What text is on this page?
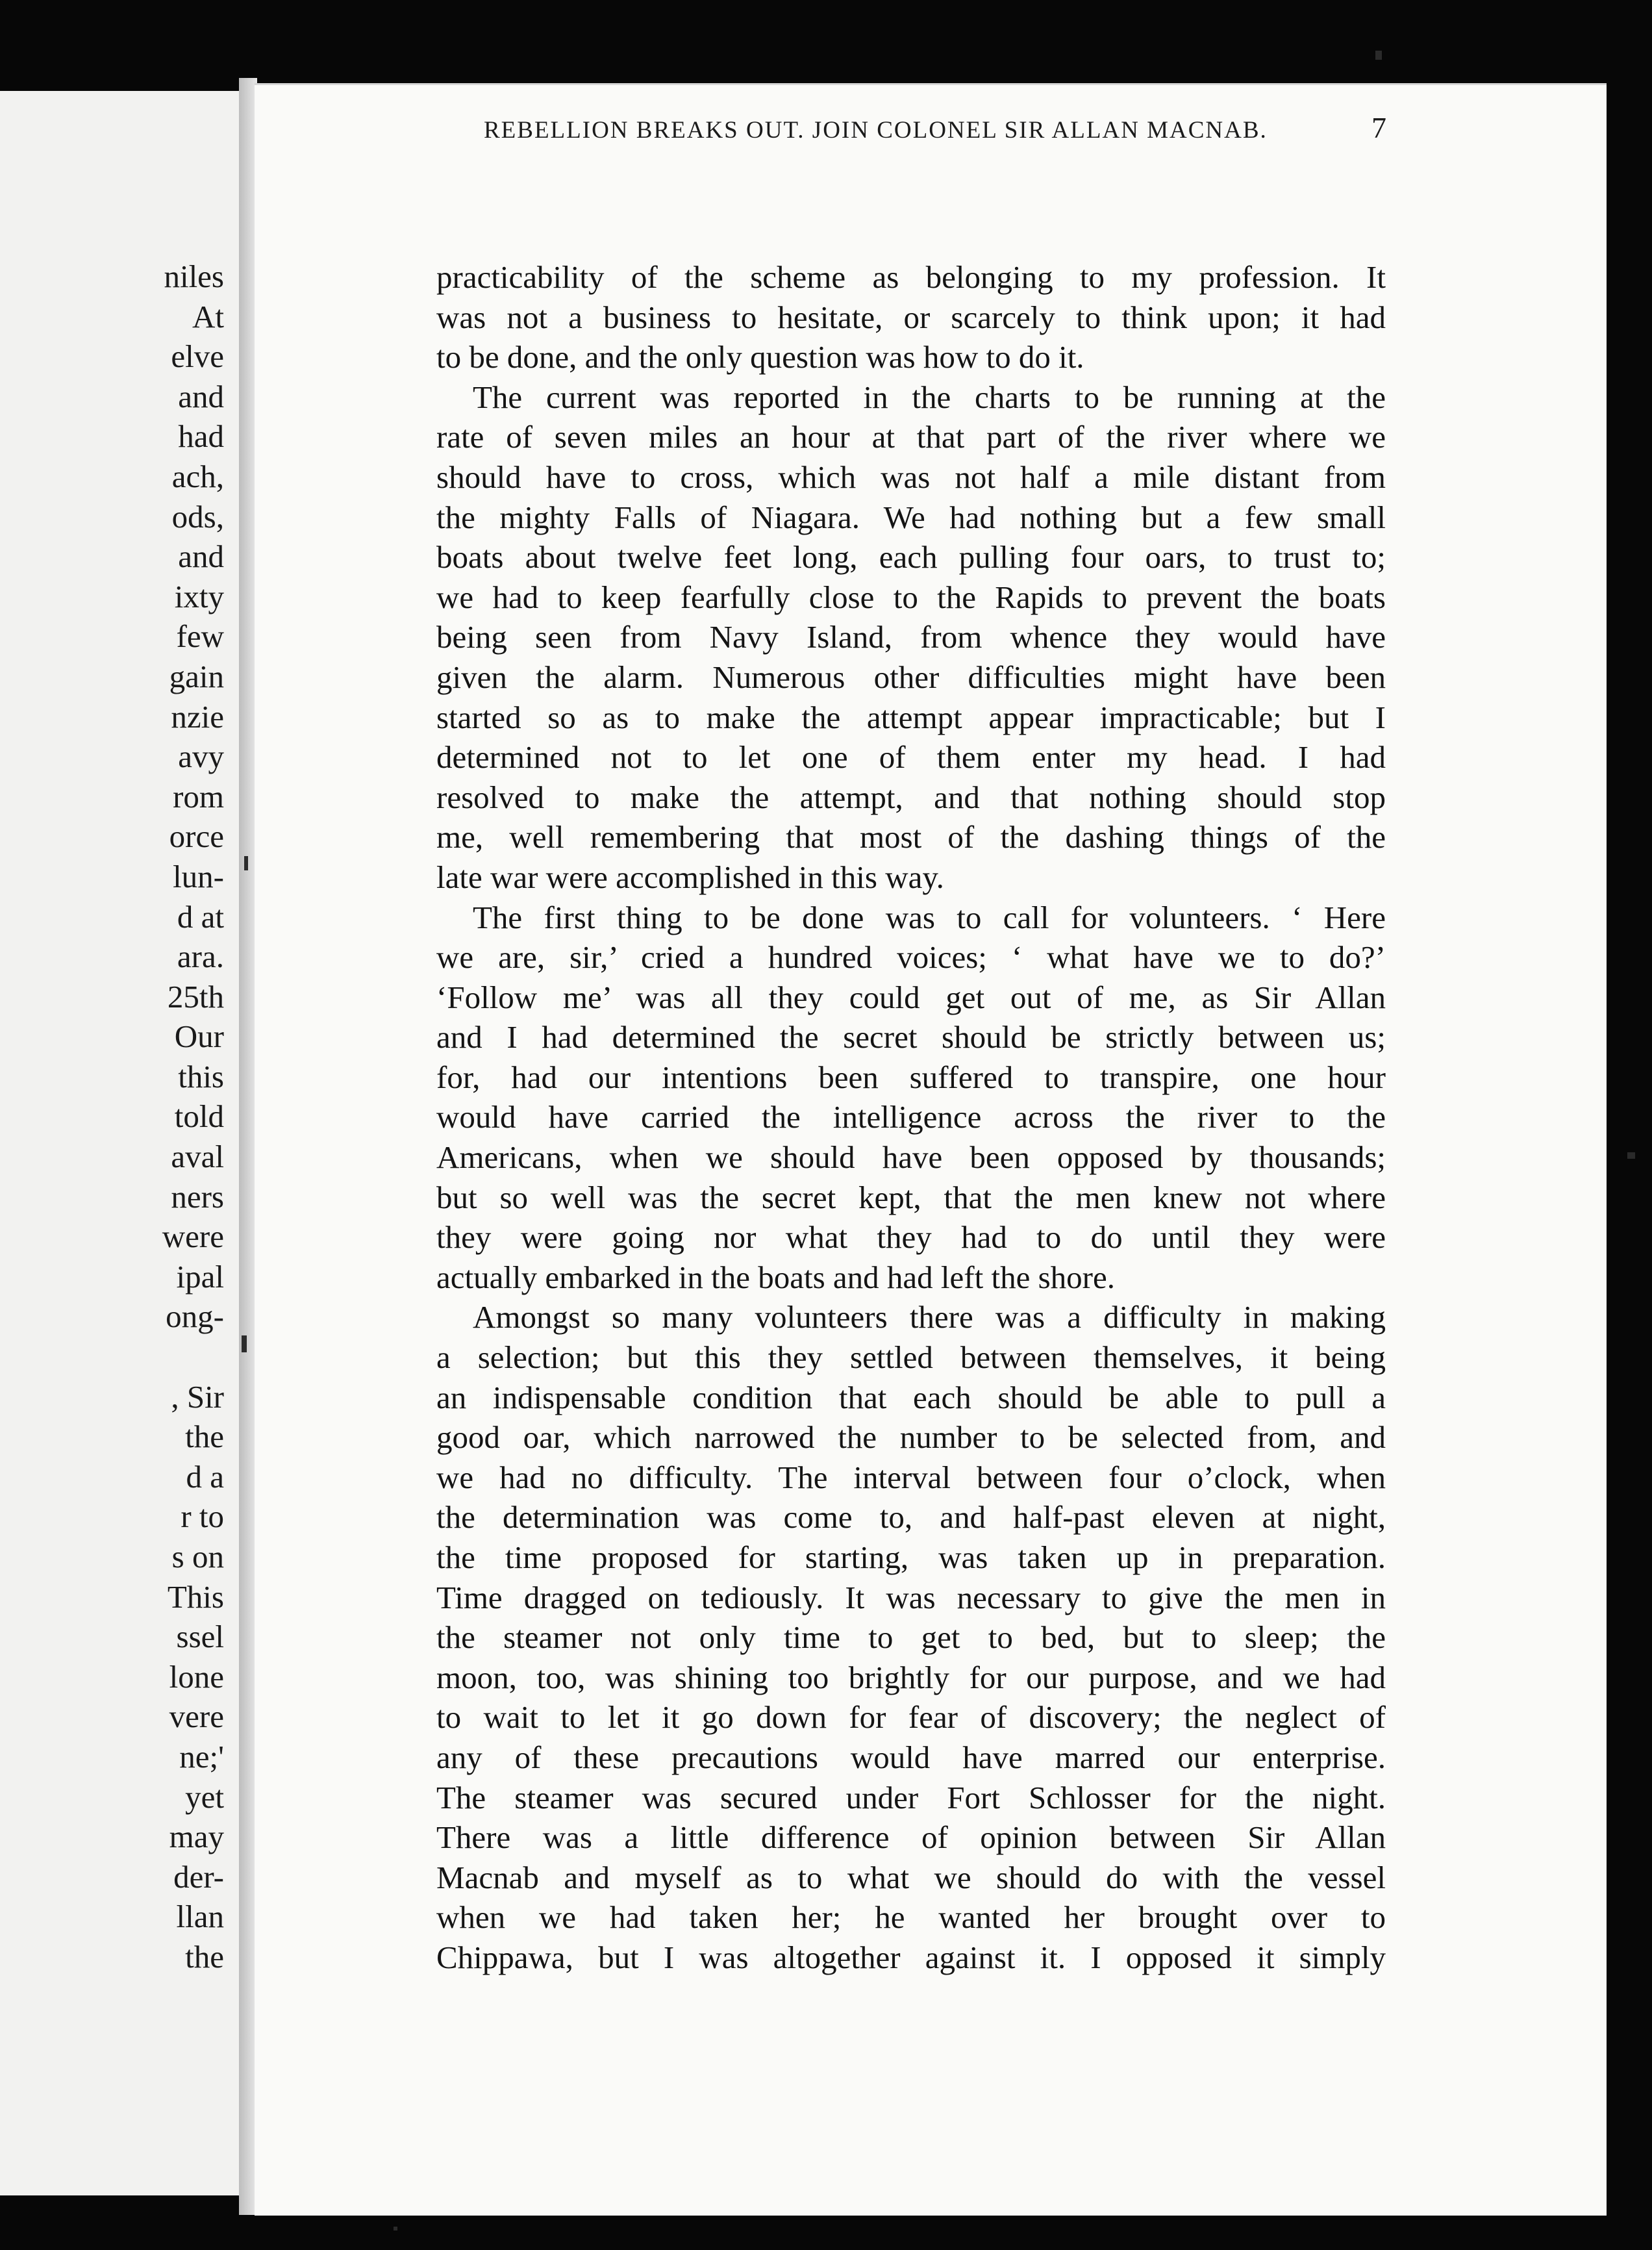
niles
At
elve
and
had
ach,
ods,
and
ixty
few
gain
nzie
avy
rom
orce
lun-
d at
ara.
25th
Our
this
told
aval
ners
were
ipal
ong-
, Sir
the
d a
r to
s on
This
ssel
lone
vere
ne;'
yet
may
der-
llan
the
REBELLION BREAKS OUT. JOIN COLONEL SIR ALLAN MACNAB.	7
practicability of the scheme as belonging to my profession. It
was not a business to hesitate, or scarcely to think upon; it had
to be done, and the only question was how to do it.
The current was reported in the charts to be running at the
rate of seven miles an hour at that part of the river where we
should have to cross, which was not half a mile distant from
the mighty Falls of Niagara. We had nothing but a few small
boats about twelve feet long, each pulling four oars, to trust to;
we had to keep fearfully close to the Rapids to prevent the boats
being seen from Navy Island, from whence they would have
given the alarm. Numerous other difficulties might have been
started so as to make the attempt appear impracticable; but I
determined not to let one of them enter my head. I had
resolved to make the attempt, and that nothing should stop
me, well remembering that most of the dashing things of the
late war were accomplished in this way.
The first thing to be done was to call for volunteers. ‘ Here
we are, sir,’ cried a hundred voices; ‘ what have we to do?’
‘Follow me’ was all they could get out of me, as Sir Allan
and I had determined the secret should be strictly between us;
for, had our intentions been suffered to transpire, one hour
would have carried the intelligence across the river to the
Americans, when we should have been opposed by thousands;
but so well was the secret kept, that the men knew not where
they were going nor what they had to do until they were
actually embarked in the boats and had left the shore.
Amongst so many volunteers there was a difficulty in making
a selection; but this they settled between themselves, it being
an indispensable condition that each should be able to pull a
good oar, which narrowed the number to be selected from, and
we had no difficulty. The interval between four o’clock, when
the determination was come to, and half-past eleven at night,
the time proposed for starting, was taken up in preparation.
Time dragged on tediously. It was necessary to give the men in
the steamer not only time to get to bed, but to sleep; the
moon, too, was shining too brightly for our purpose, and we had
to wait to let it go down for fear of discovery; the neglect of
any of these precautions would have marred our enterprise.
The steamer was secured under Fort Schlosser for the night.
There was a little difference of opinion between Sir Allan
Macnab and myself as to what we should do with the vessel
when we had taken her; he wanted her brought over to
Chippawa, but I was altogether against it. I opposed it simply
